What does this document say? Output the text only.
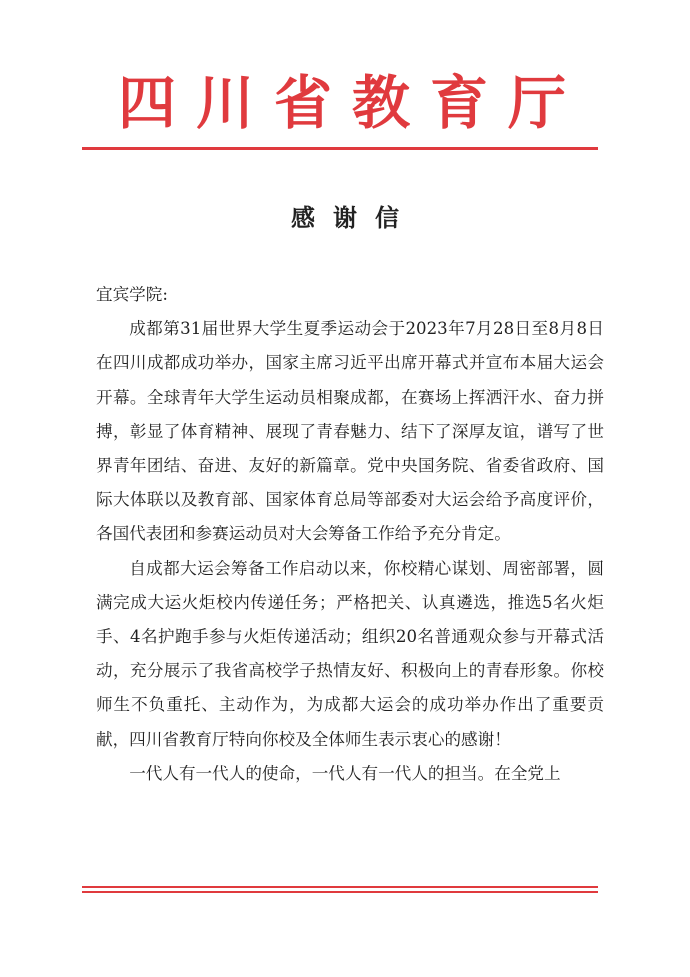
四川省教育厅
感谢信

宜宾学院:

成都第31届世界大学生夏季运动会于2023年7月28日至8月8日在四川成都成功举办，国家主席习近平出席开幕式并宣布本届大运会开幕。全球青年大学生运动员相聚成都，在赛场上挥洒汗水、奋力拼搏，彰显了体育精神、展现了青春魅力、结下了深厚友谊，谱写了世界青年团结、奋进、友好的新篇章。党中央国务院、省委省政府、国际大体联以及教育部、国家体育总局等部委对大运会给予高度评价，各国代表团和参赛运动员对大会筹备工作给予充分肯定。

自成都大运会筹备工作启动以来，你校精心谋划、周密部署，圆满完成大运火炬校内传递任务；严格把关、认真遴选，推选5名火炬手、4名护跑手参与火炬传递活动；组织20名普通观众参与开幕式活动，充分展示了我省高校学子热情友好、积极向上的青春形象。你校师生不负重托、主动作为，为成都大运会的成功举办作出了重要贡献，四川省教育厅特向你校及全体师生表示衷心的感谢！

一代人有一代人的使命，一代人有一代人的担当。在全党上
